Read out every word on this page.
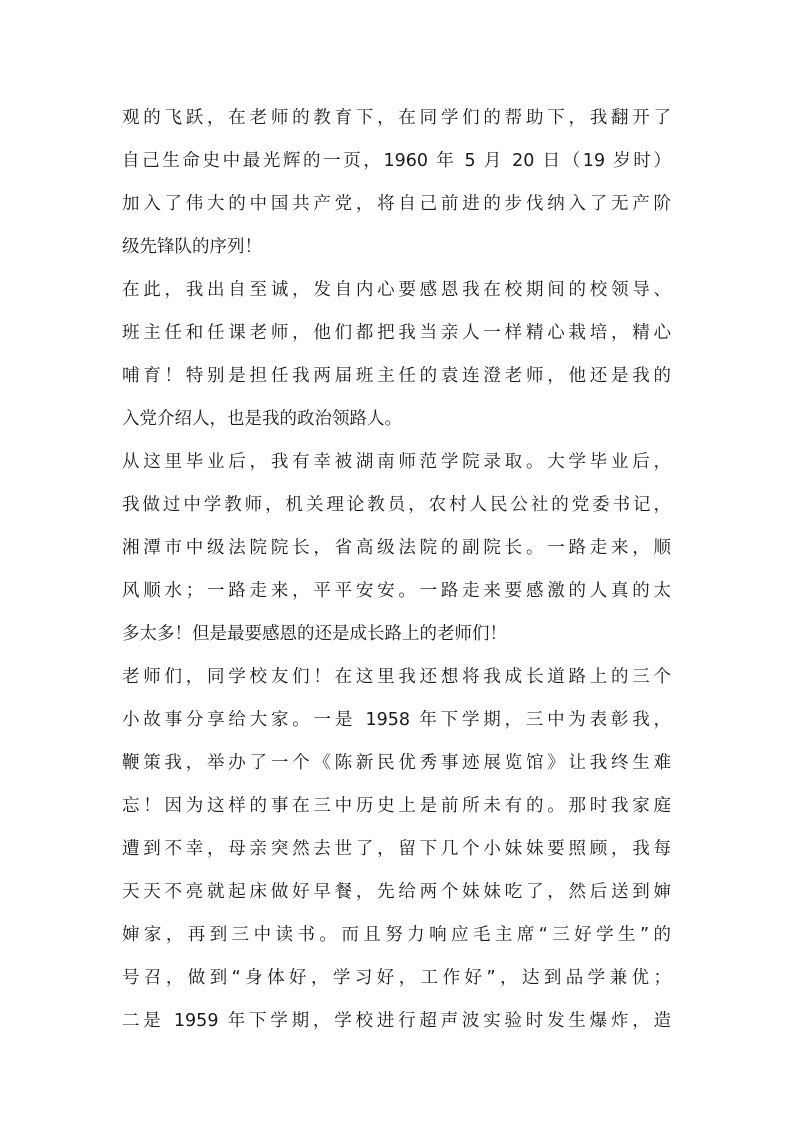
观的飞跃，在老师的教育下，在同学们的帮助下，我翻开了
自己生命史中最光辉的一页，1960 年 5 月 20 日（19 岁时）
加入了伟大的中国共产党，将自己前进的步伐纳入了无产阶
级先锋队的序列！
在此，我出自至诚，发自内心要感恩我在校期间的校领导、
班主任和任课老师，他们都把我当亲人一样精心栽培，精心
哺育！特别是担任我两届班主任的袁连澄老师，他还是我的
入党介绍人，也是我的政治领路人。
从这里毕业后，我有幸被湖南师范学院录取。大学毕业后，
我做过中学教师，机关理论教员，农村人民公社的党委书记，
湘潭市中级法院院长，省高级法院的副院长。一路走来，顺
风顺水；一路走来，平平安安。一路走来要感激的人真的太
多太多！但是最要感恩的还是成长路上的老师们！
老师们，同学校友们！在这里我还想将我成长道路上的三个
小故事分享给大家。一是 1958 年下学期，三中为表彰我，
鞭策我，举办了一个《陈新民优秀事迹展览馆》让我终生难
忘！因为这样的事在三中历史上是前所未有的。那时我家庭
遭到不幸，母亲突然去世了，留下几个小妹妹要照顾，我每
天天不亮就起床做好早餐，先给两个妹妹吃了，然后送到婶
婶家，再到三中读书。而且努力响应毛主席“三好学生”的
号召，做到“身体好，学习好，工作好”，达到品学兼优；
二是 1959 年下学期，学校进行超声波实验时发生爆炸，造
